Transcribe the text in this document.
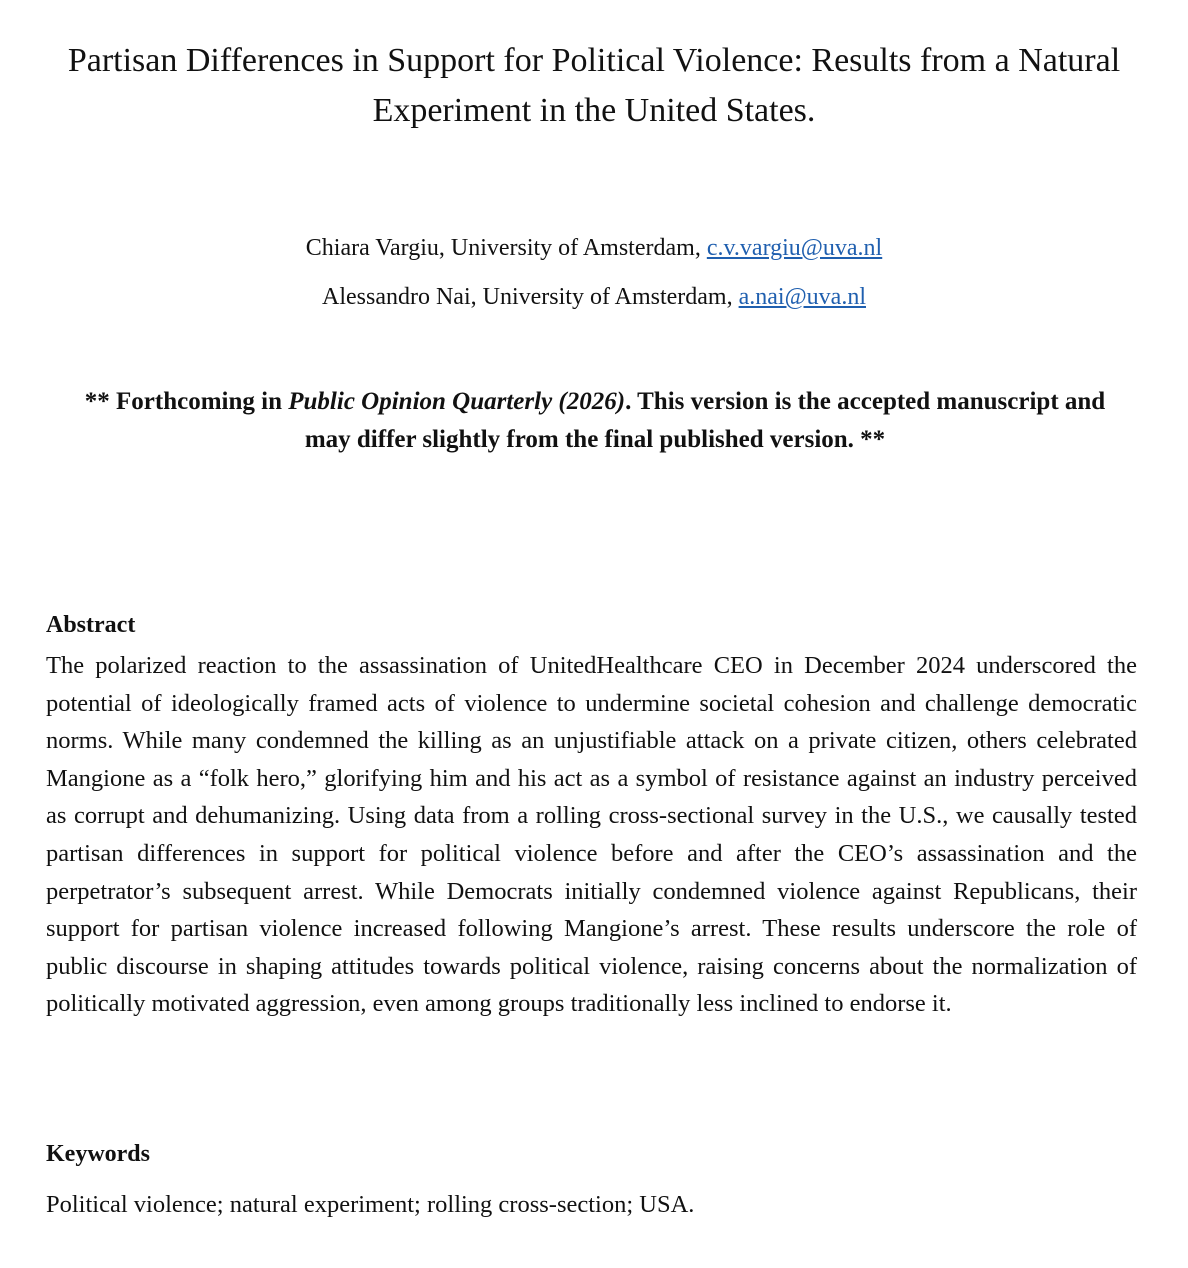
Partisan Differences in Support for Political Violence: Results from a Natural Experiment in the United States.
Chiara Vargiu, University of Amsterdam, c.v.vargiu@uva.nl
Alessandro Nai, University of Amsterdam, a.nai@uva.nl
** Forthcoming in Public Opinion Quarterly (2026). This version is the accepted manuscript and may differ slightly from the final published version. **
Abstract

The polarized reaction to the assassination of UnitedHealthcare CEO in December 2024 underscored the potential of ideologically framed acts of violence to undermine societal cohesion and challenge democratic norms. While many condemned the killing as an unjustifiable attack on a private citizen, others celebrated Mangione as a “folk hero,” glorifying him and his act as a symbol of resistance against an industry perceived as corrupt and dehumanizing. Using data from a rolling cross-sectional survey in the U.S., we causally tested partisan differences in support for political violence before and after the CEO’s assassination and the perpetrator’s subsequent arrest. While Democrats initially condemned violence against Republicans, their support for partisan violence increased following Mangione’s arrest. These results underscore the role of public discourse in shaping attitudes towards political violence, raising concerns about the normalization of politically motivated aggression, even among groups traditionally less inclined to endorse it.

Keywords

Political violence; natural experiment; rolling cross-section; USA.
